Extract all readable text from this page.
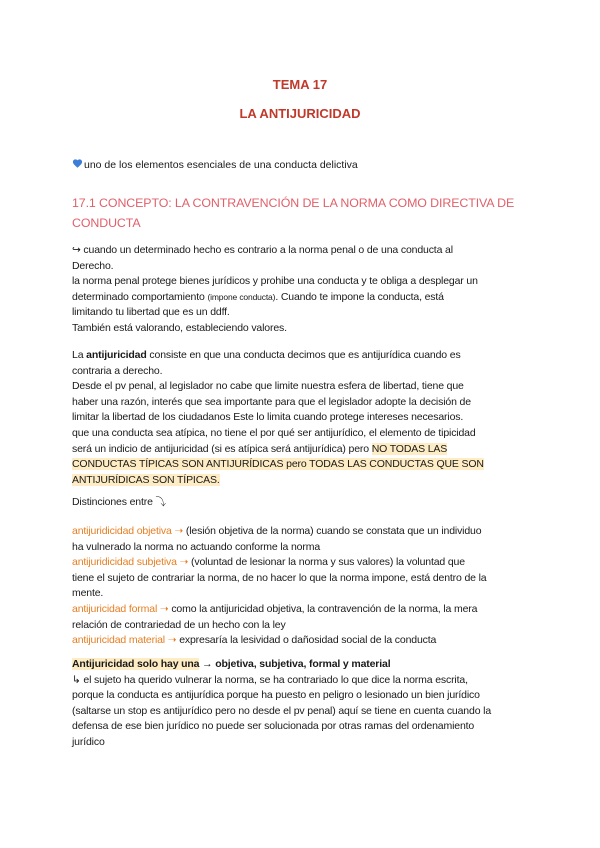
TEMA 17
LA ANTIJURICIDAD
uno de los elementos esenciales de una conducta delictiva
17.1 CONCEPTO: LA CONTRAVENCIÓN DE LA NORMA COMO DIRECTIVA DE CONDUCTA
↪ cuando un determinado hecho es contrario a la norma penal o de una conducta al
Derecho.
la norma penal protege bienes jurídicos y prohibe una conducta y te obliga a desplegar un
determinado comportamiento (impone conducta). Cuando te impone la conducta, está
limitando tu libertad que es un ddff.
También está valorando, estableciendo valores.
La antijuricidad consiste en que una conducta decimos que es antijurídica cuando es
contraria a derecho.
Desde el pv penal, al legislador no cabe que limite nuestra esfera de libertad, tiene que
haber una razón, interés que sea importante para que el legislador adopte la decisión de
limitar la libertad de los ciudadanos Este lo limita cuando protege intereses necesarios.
que una conducta sea atípica, no tiene el por qué ser antijurídico, el elemento de tipicidad
será un indicio de antijuricidad (si es atípica será antijurídica) pero NO TODAS LAS
CONDUCTAS TÍPICAS SON ANTIJURÍDICAS pero TODAS LAS CONDUCTAS QUE SON
ANTIJURÍDICAS SON TÍPICAS.
Distinciones entre ⤵
antijuridicidad objetiva ➝ (lesión objetiva de la norma) cuando se constata que un individuo
ha vulnerado la norma no actuando conforme la norma
antijuridicidad subjetiva ➝ (voluntad de lesionar la norma y sus valores) la voluntad que
tiene el sujeto de contrariar la norma, de no hacer lo que la norma impone, está dentro de la
mente.
antijuricidad formal ➝ como la antijuricidad objetiva, la contravención de la norma, la mera
relación de contrariedad de un hecho con la ley
antijuricidad material ➝ expresaría la lesividad o dañosidad social de la conducta
Antijuricidad solo hay una → objetiva, subjetiva, formal y material
↳ el sujeto ha querido vulnerar la norma, se ha contrariado lo que dice la norma escrita,
porque la conducta es antijurídica porque ha puesto en peligro o lesionado un bien jurídico
(saltarse un stop es antijurídico pero no desde el pv penal) aquí se tiene en cuenta cuando la
defensa de ese bien jurídico no puede ser solucionada por otras ramas del ordenamiento
jurídico
